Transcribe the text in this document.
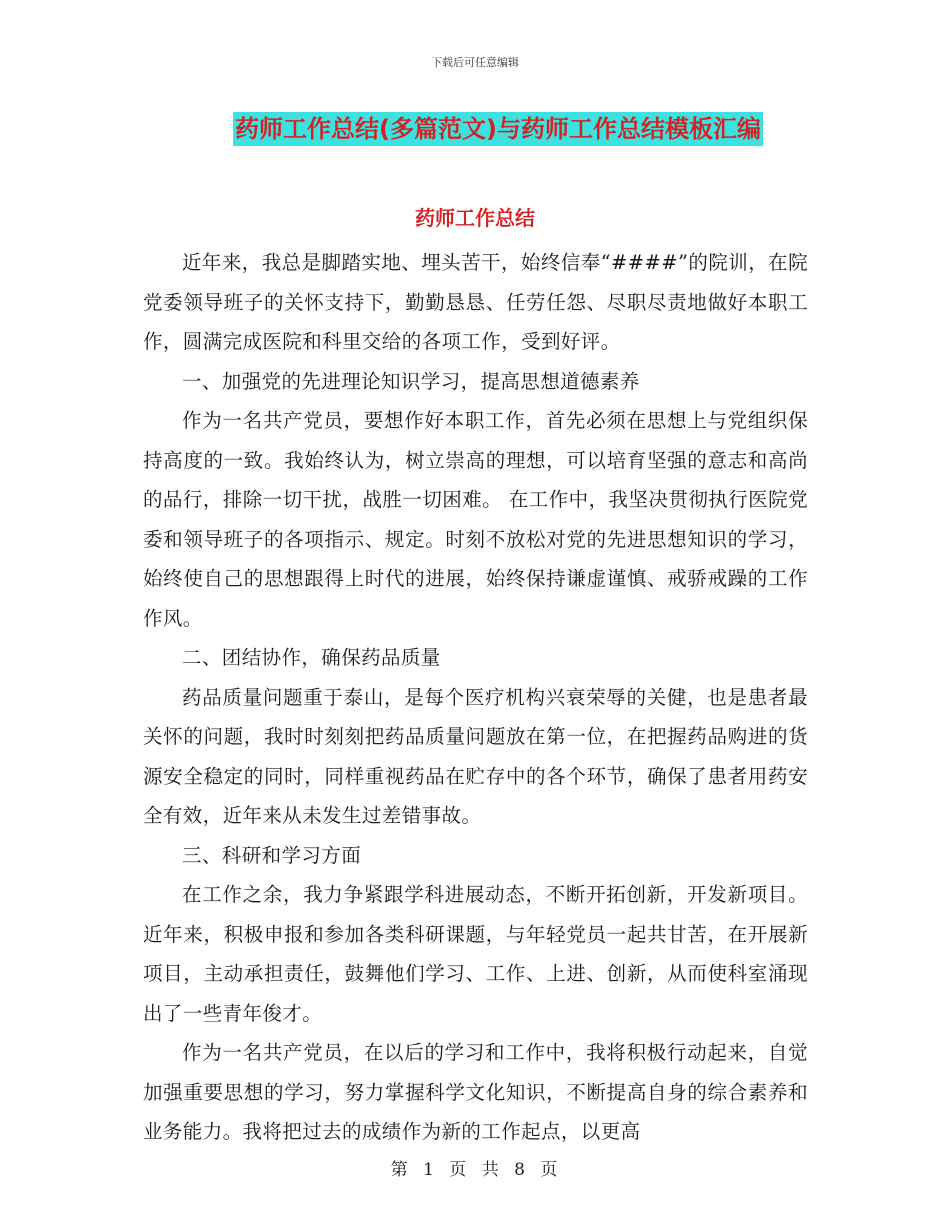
下载后可任意编辑
药师工作总结(多篇范文)与药师工作总结模板汇编
药师工作总结

近年来，我总是脚踏实地、埋头苦干，始终信奉“####”的院训，在院党委领导班子的关怀支持下，勤勤恳恳、任劳任怨、尽职尽责地做好本职工作，圆满完成医院和科里交给的各项工作，受到好评。

一、加强党的先进理论知识学习，提高思想道德素养

作为一名共产党员，要想作好本职工作，首先必须在思想上与党组织保持高度的一致。我始终认为，树立崇高的理想，可以培育坚强的意志和高尚的品行，排除一切干扰，战胜一切困难。 在工作中，我坚决贯彻执行医院党委和领导班子的各项指示、规定。时刻不放松对党的先进思想知识的学习，始终使自己的思想跟得上时代的进展，始终保持谦虚谨慎、戒骄戒躁的工作作风。

二、团结协作，确保药品质量

药品质量问题重于泰山，是每个医疗机构兴衰荣辱的关健，也是患者最关怀的问题，我时时刻刻把药品质量问题放在第一位，在把握药品购进的货源安全稳定的同时，同样重视药品在贮存中的各个环节，确保了患者用药安全有效，近年来从未发生过差错事故。

三、科研和学习方面

在工作之余，我力争紧跟学科进展动态，不断开拓创新，开发新项目。近年来，积极申报和参加各类科研课题，与年轻党员一起共甘苦，在开展新项目，主动承担责任，鼓舞他们学习、工作、上进、创新，从而使科室涌现出了一些青年俊才。

作为一名共产党员，在以后的学习和工作中，我将积极行动起来，自觉加强重要思想的学习，努力掌握科学文化知识，不断提高自身的综合素养和业务能力。我将把过去的成绩作为新的工作起点，以更高

第 1 页 共 8 页
